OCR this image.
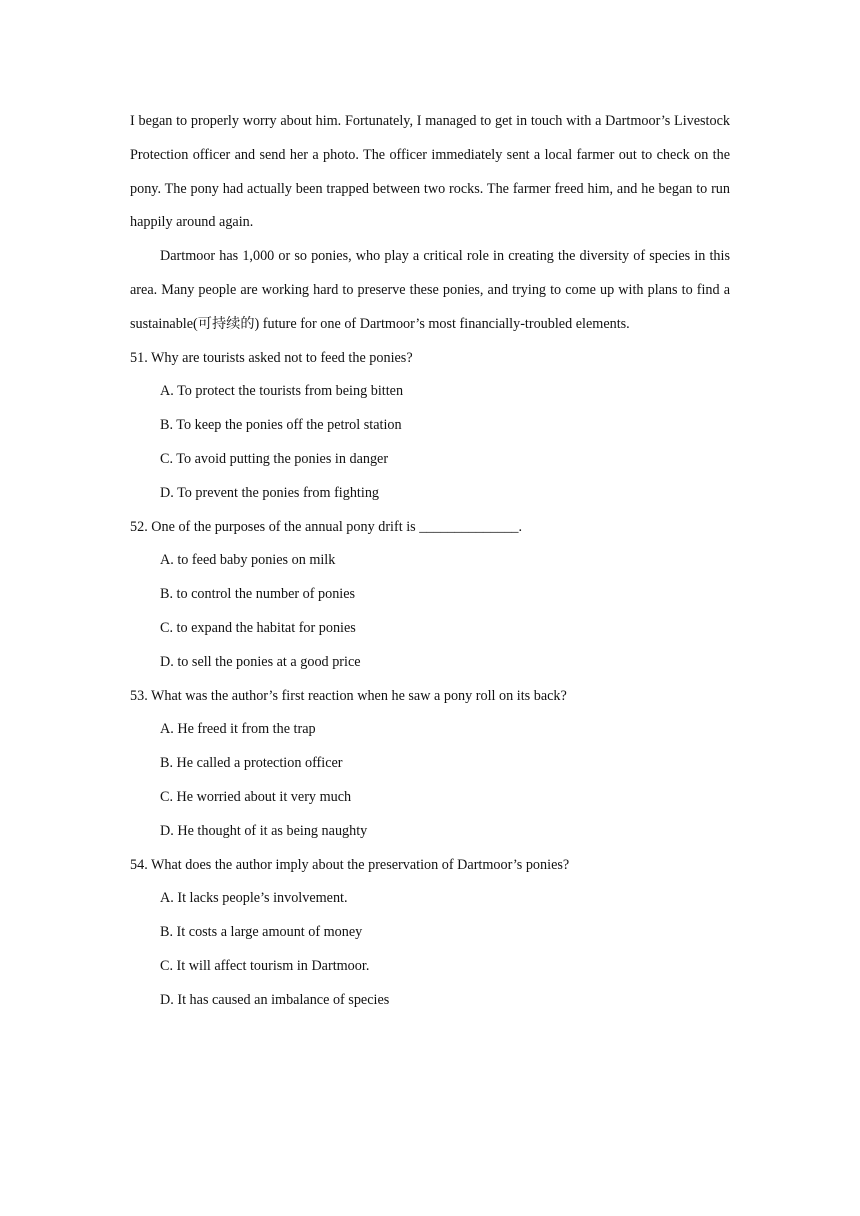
I began to properly worry about him. Fortunately, I managed to get in touch with a Dartmoor’s Livestock Protection officer and send her a photo. The officer immediately sent a local farmer out to check on the pony. The pony had actually been trapped between two rocks. The farmer freed him, and he began to run happily around again.

Dartmoor has 1,000 or so ponies, who play a critical role in creating the diversity of species in this area. Many people are working hard to preserve these ponies, and trying to come up with plans to find a sustainable(可持续的) future for one of Dartmoor’s most financially-troubled elements.

51. Why are tourists asked not to feed the ponies?

A. To protect the tourists from being bitten

B. To keep the ponies off the petrol station

C. To avoid putting the ponies in danger

D. To prevent the ponies from fighting

52. One of the purposes of the annual pony drift is ______________.

A. to feed baby ponies on milk

B. to control the number of ponies

C. to expand the habitat for ponies

D. to sell the ponies at a good price

53. What was the author’s first reaction when he saw a pony roll on its back?

A. He freed it from the trap

B. He called a protection officer

C. He worried about it very much

D. He thought of it as being naughty

54. What does the author imply about the preservation of Dartmoor’s ponies?

A. It lacks people’s involvement.

B. It costs a large amount of money

C. It will affect tourism in Dartmoor.

D. It has caused an imbalance of species
